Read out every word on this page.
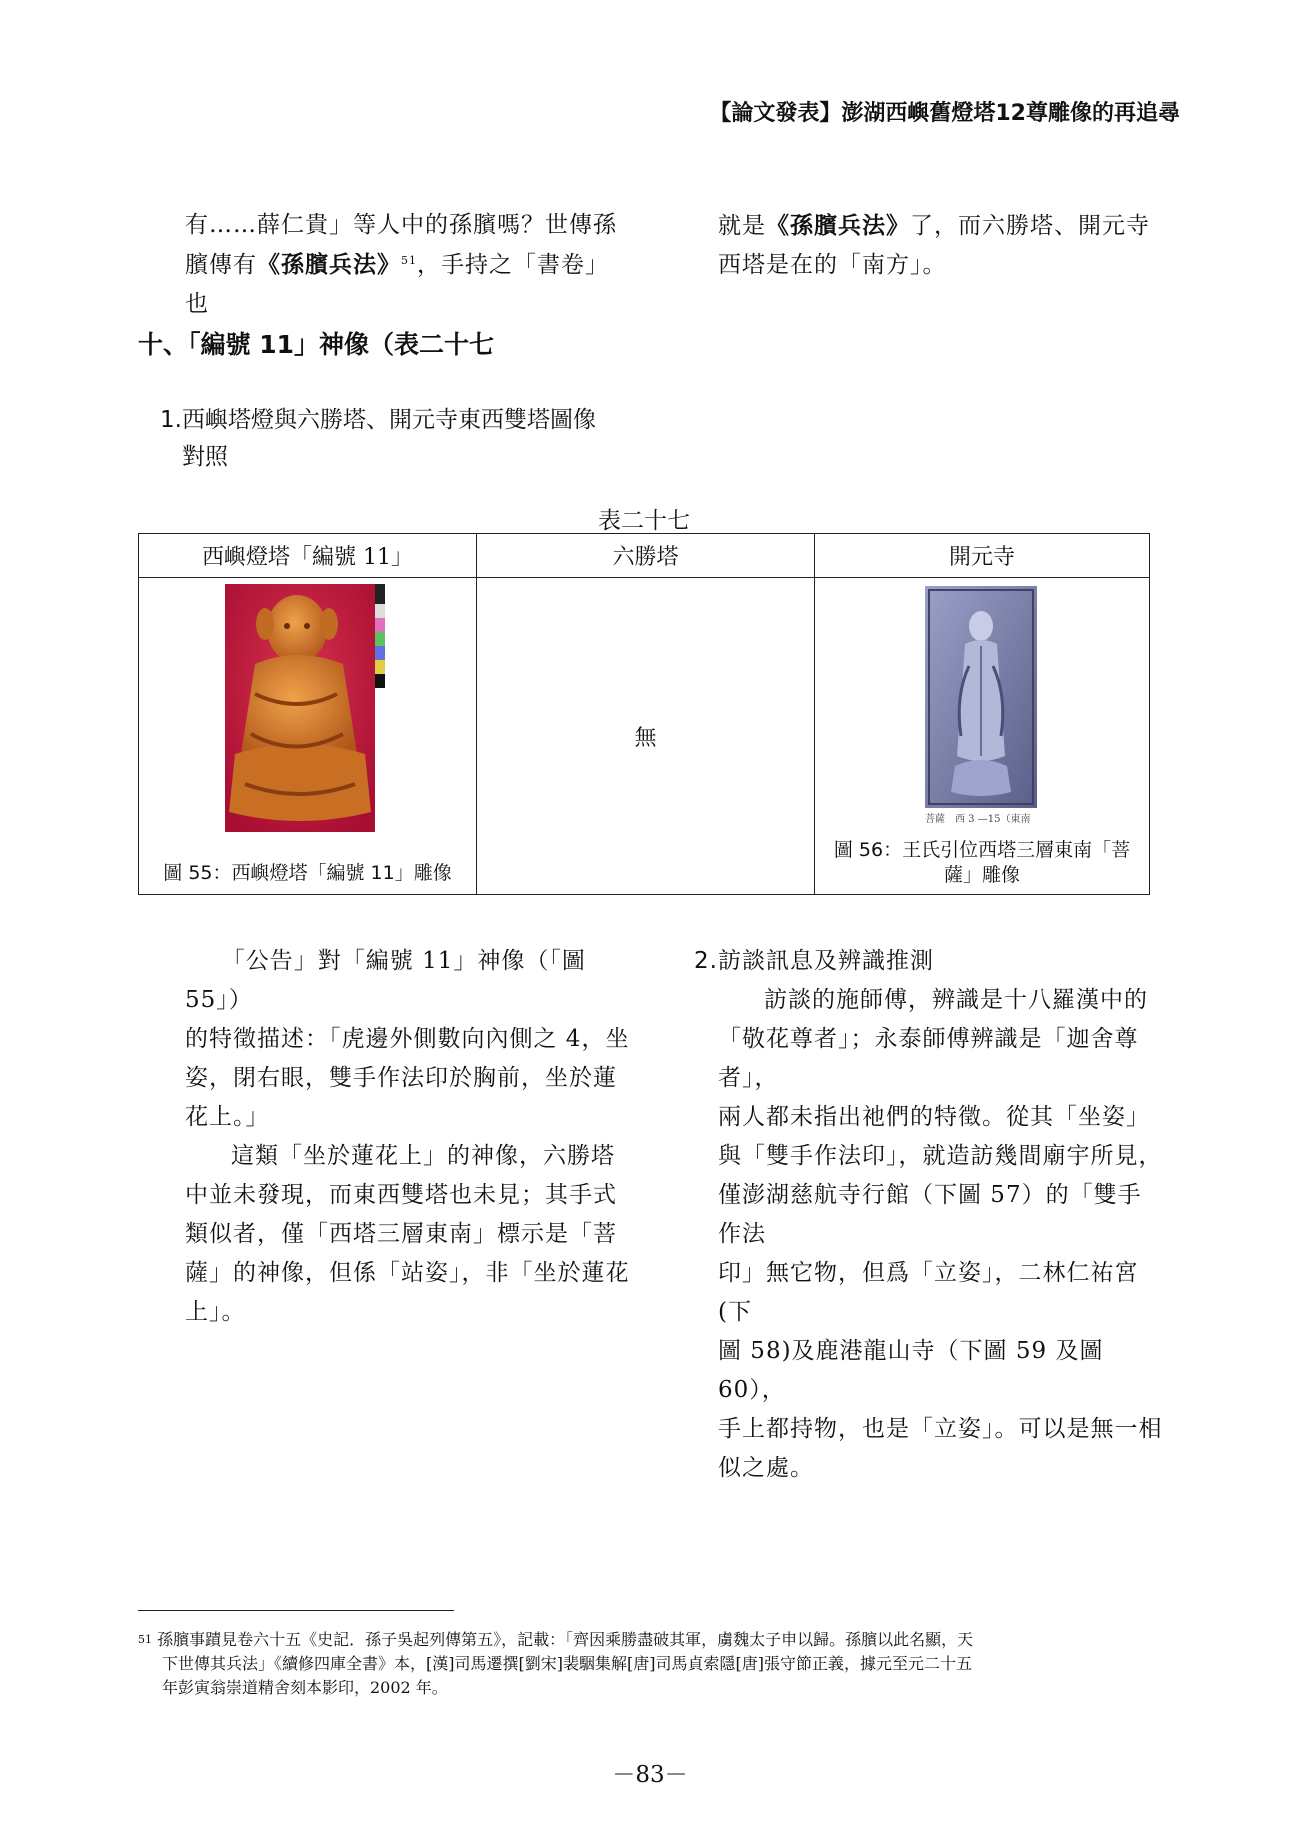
【論文發表】澎湖西嶼舊燈塔12尊雕像的再追尋

有……薛仁貴」等人中的孫臏嗎？世傳孫

臏傳有《孫臏兵法》$^{51}$，手持之「書卷」也

就是《孫臏兵法》了，而六勝塔、開元寺

西塔是在的「南方」。

十、「編號 11」神像（表二十七
1.西嶼塔燈與六勝塔、開元寺東西雙塔圖像
對照
表二十七
西嶼燈塔「編號 11」	六勝塔	開元寺

圖 55：西嶼燈塔「編號 11」雕像	無	菩薩　西 3 —15（東南
圖 56：王氏引位西塔三層東南「菩
薩」雕像

「公告」對「編號 11」神像（「圖 55」）

的特徵描述：「虎邊外側數向內側之 4，坐

姿，閉右眼，雙手作法印於胸前，坐於蓮

花上。」

這類「坐於蓮花上」的神像，六勝塔

中並未發現，而東西雙塔也未見；其手式

類似者，僅「西塔三層東南」標示是「菩

薩」的神像，但係「站姿」，非「坐於蓮花

上」。

2.訪談訊息及辨識推測

訪談的施師傅，辨識是十八羅漢中的

「敬花尊者」；永泰師傅辨識是「迦舍尊者」，

兩人都未指出祂們的特徵。從其「坐姿」

與「雙手作法印」，就造訪幾間廟宇所見，

僅澎湖慈航寺行館（下圖 57）的「雙手作法

印」無它物，但爲「立姿」，二林仁祐宮(下

圖 58)及鹿港龍山寺（下圖 59 及圖 60），

手上都持物，也是「立姿」。可以是無一相

似之處。

$^{51}$ 孫臏事蹟見卷六十五《史記．孫子吳起列傳第五》，記載：「齊因乘勝盡破其軍，虜魏太子申以歸。孫臏以此名顯，天
下世傳其兵法」《續修四庫全書》本，[漢]司馬遷撰[劉宋]裴駰集解[唐]司馬貞索隱[唐]張守節正義，據元至元二十五
年彭寅翁崇道精舍刻本影印，2002 年。
－83－
